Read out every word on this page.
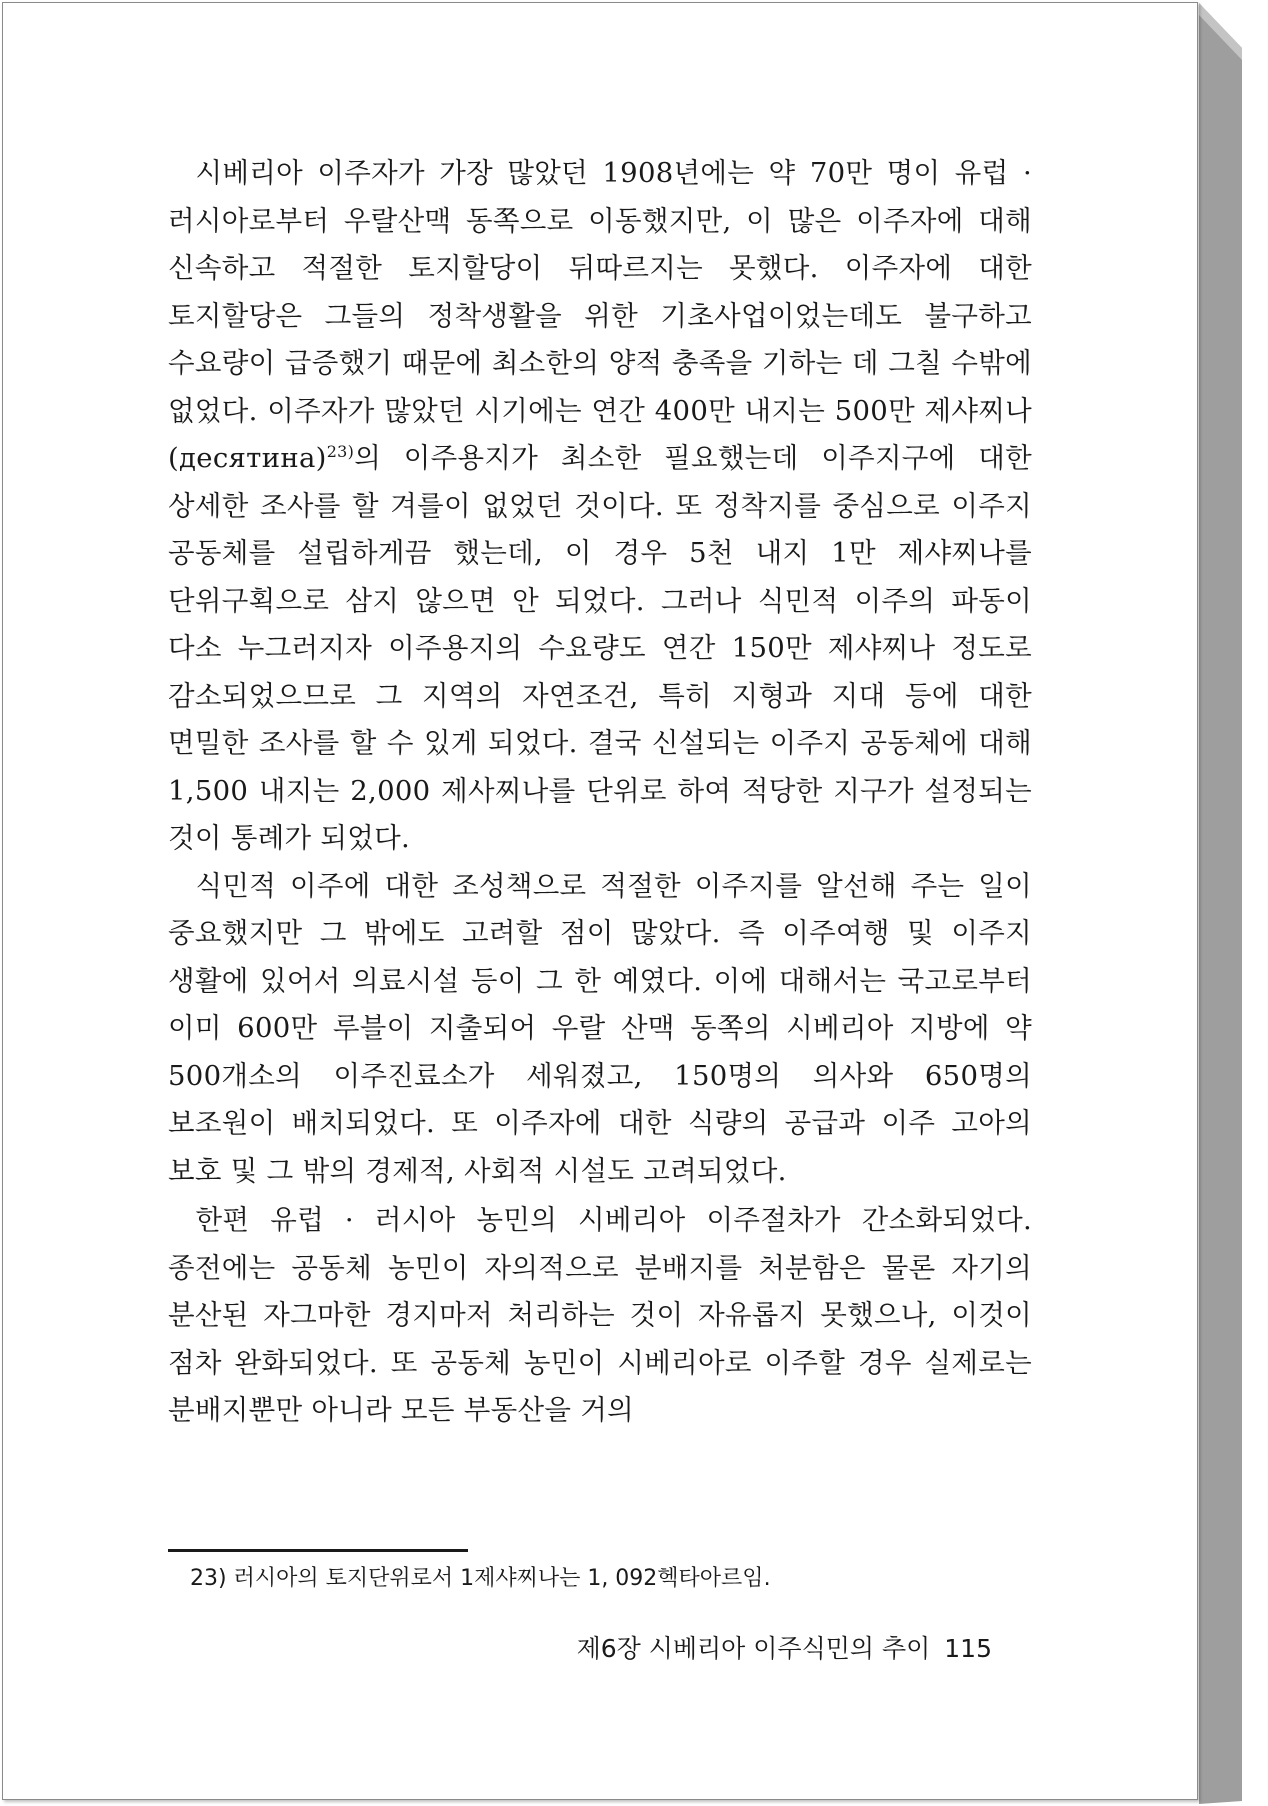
시베리아 이주자가 가장 많았던 1908년에는 약 70만 명이 유럽 · 러시아로부터 우랄산맥 동쪽으로 이동했지만, 이 많은 이주자에 대해 신속하고 적절한 토지할당이 뒤따르지는 못했다. 이주자에 대한 토지할당은 그들의 정착생활을 위한 기초사업이었는데도 불구하고 수요량이 급증했기 때문에 최소한의 양적 충족을 기하는 데 그칠 수밖에 없었다. 이주자가 많았던 시기에는 연간 400만 내지는 500만 제샤찌나(десятина)$^{23)}$의 이주용지가 최소한 필요했는데 이주지구에 대한 상세한 조사를 할 겨를이 없었던 것이다. 또 정착지를 중심으로 이주지 공동체를 설립하게끔 했는데, 이 경우 5천 내지 1만 제샤찌나를 단위구획으로 삼지 않으면 안 되었다. 그러나 식민적 이주의 파동이 다소 누그러지자 이주용지의 수요량도 연간 150만 제샤찌나 정도로 감소되었으므로 그 지역의 자연조건, 특히 지형과 지대 등에 대한 면밀한 조사를 할 수 있게 되었다. 결국 신설되는 이주지 공동체에 대해 1,500 내지는 2,000 제사찌나를 단위로 하여 적당한 지구가 설정되는 것이 통례가 되었다.

식민적 이주에 대한 조성책으로 적절한 이주지를 알선해 주는 일이 중요했지만 그 밖에도 고려할 점이 많았다. 즉 이주여행 및 이주지 생활에 있어서 의료시설 등이 그 한 예였다. 이에 대해서는 국고로부터 이미 600만 루블이 지출되어 우랄 산맥 동쪽의 시베리아 지방에 약 500개소의 이주진료소가 세워졌고, 150명의 의사와 650명의 보조원이 배치되었다. 또 이주자에 대한 식량의 공급과 이주 고아의 보호 및 그 밖의 경제적, 사회적 시설도 고려되었다.

한편 유럽 · 러시아 농민의 시베리아 이주절차가 간소화되었다. 종전에는 공동체 농민이 자의적으로 분배지를 처분함은 물론 자기의 분산된 자그마한 경지마저 처리하는 것이 자유롭지 못했으나, 이것이 점차 완화되었다. 또 공동체 농민이 시베리아로 이주할 경우 실제로는 분배지뿐만 아니라 모든 부동산을 거의

23) 러시아의 토지단위로서 1제샤찌나는 1, 092헥타아르임.
제6장 시베리아 이주식민의 추이 115
